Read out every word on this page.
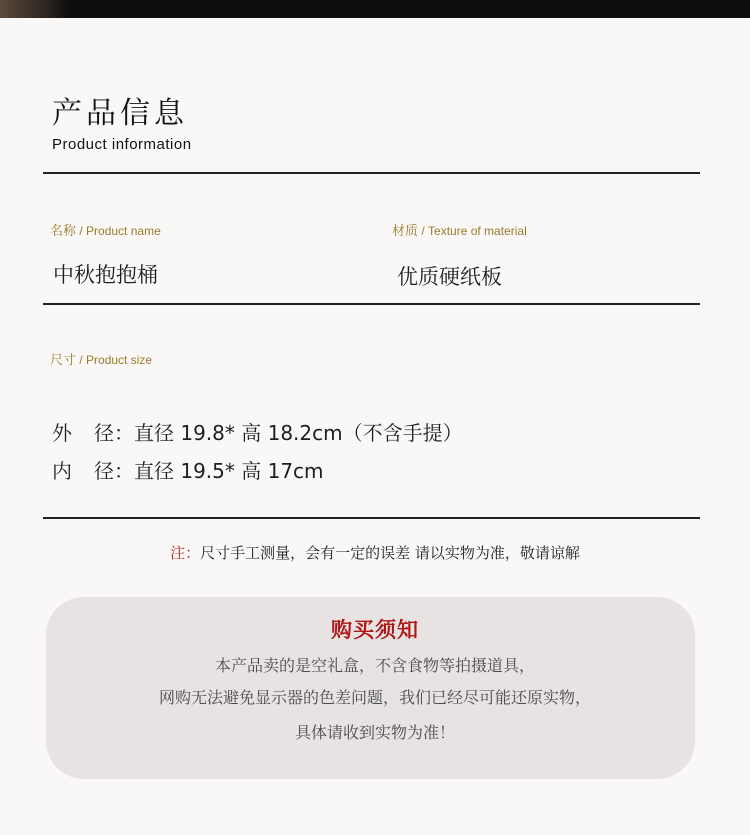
产品信息
Product information
名称 / Product name
中秋抱抱桶
材质 / Texture of material
优质硬纸板
尺寸 / Product size
外 径：直径 19.8* 高 18.2cm（不含手提）
内 径：直径 19.5* 高 17cm
注：尺寸手工测量，会有一定的误差 请以实物为准，敬请谅解
购买须知
本产品卖的是空礼盒，不含食物等拍摄道具，
网购无法避免显示器的色差问题，我们已经尽可能还原实物，
具体请收到实物为准！
